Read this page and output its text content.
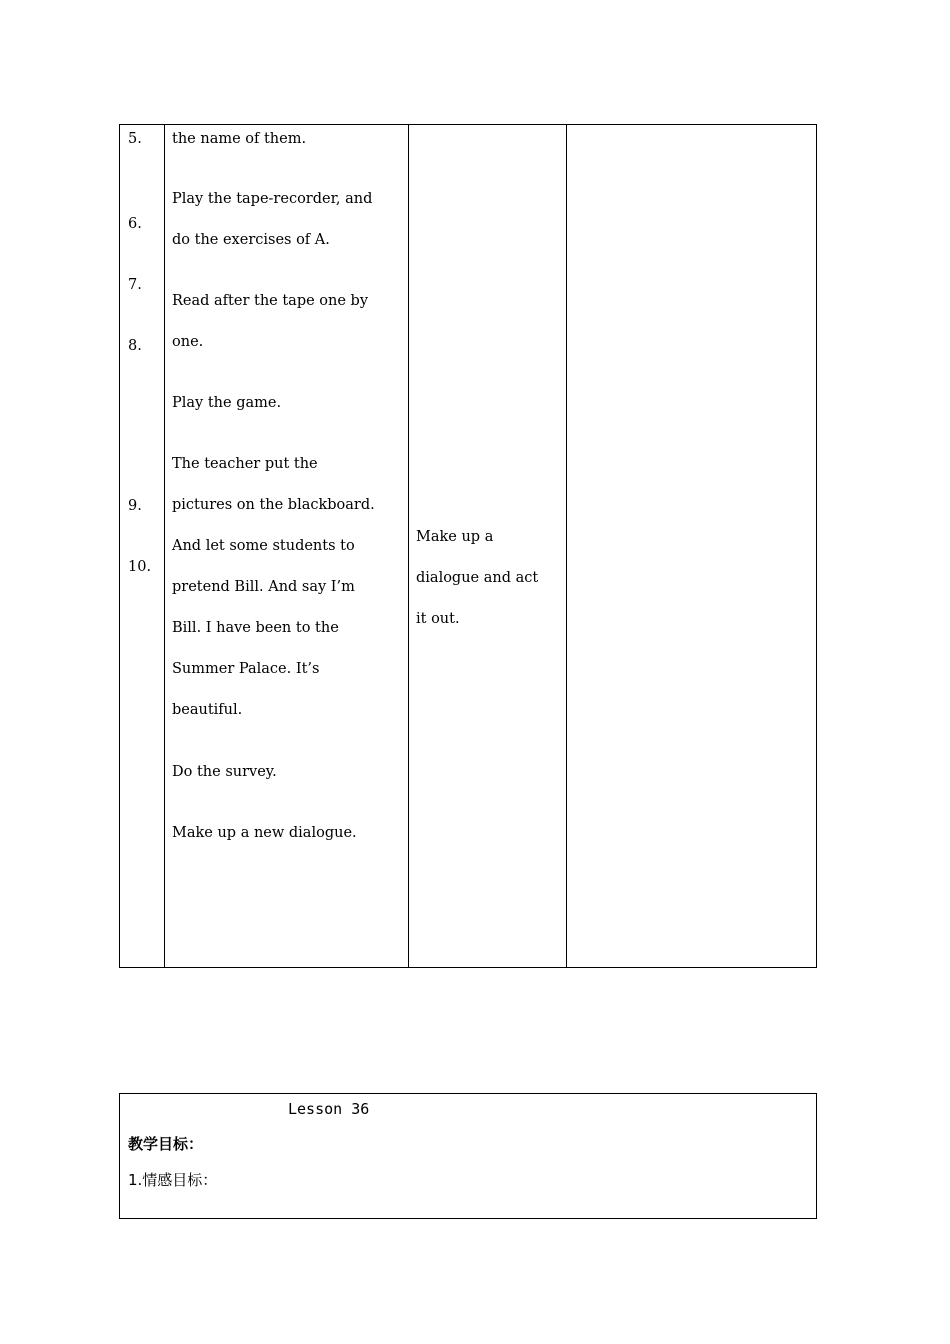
5.
6.
7.
8.
9.
10.
the name of them.
Play the tape-recorder, and
do the exercises of A.
Read after the tape one by
one.
Play the game.
The teacher put the
pictures on the blackboard.
And let some students to
pretend Bill. And say I’m
Bill. I have been to the
Summer Palace. It’s
beautiful.
Do the survey.
Make up a new dialogue.
Make up a
dialogue and act
it out.
Lesson 36
教学目标：
1.情感目标：
